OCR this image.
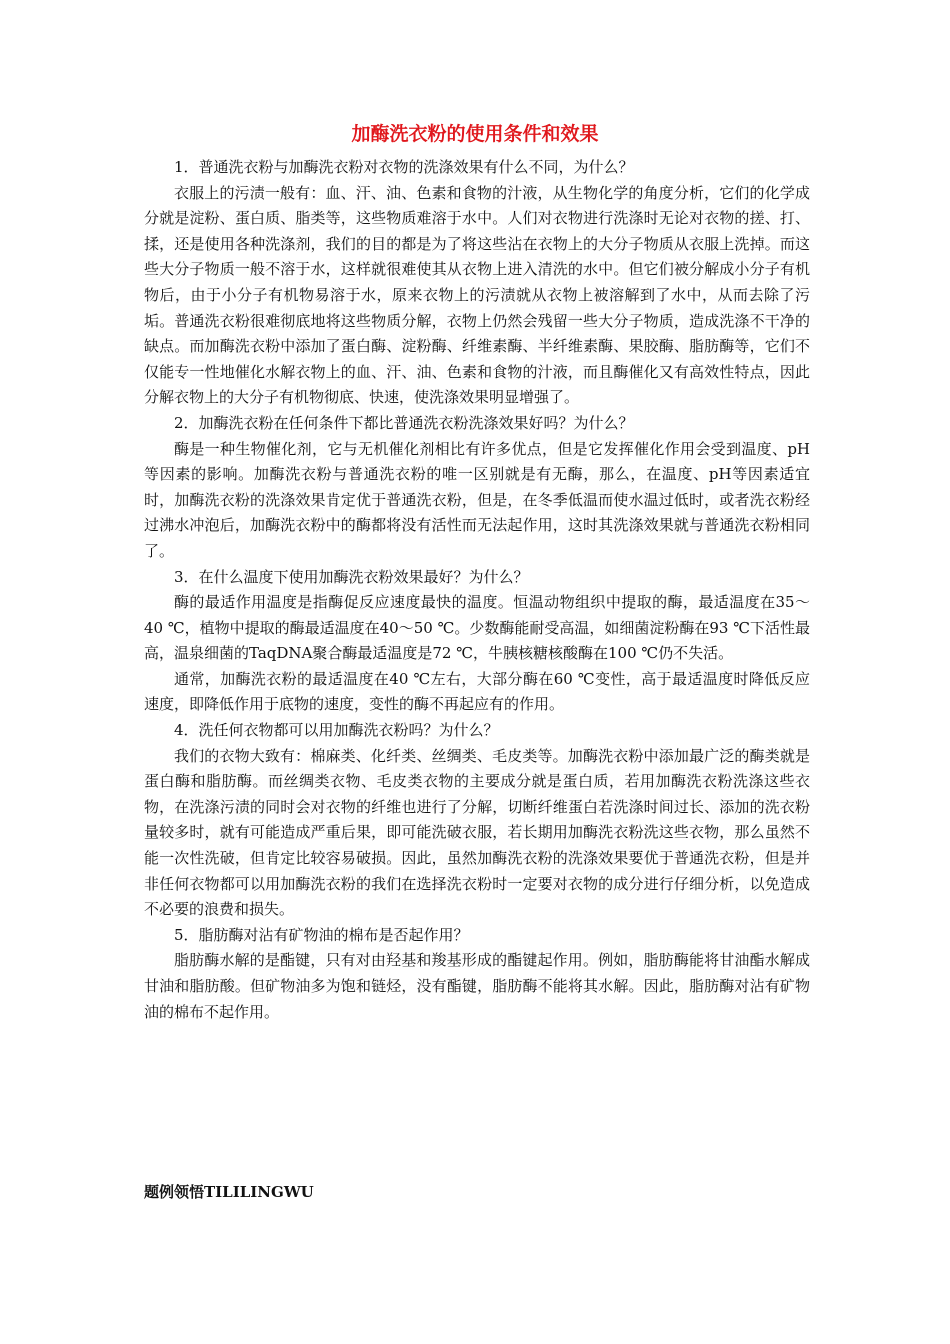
加酶洗衣粉的使用条件和效果

1．普通洗衣粉与加酶洗衣粉对衣物的洗涤效果有什么不同，为什么？

衣服上的污渍一般有：血、汗、油、色素和食物的汁液，从生物化学的角度分析，它们的化学成分就是淀粉、蛋白质、脂类等，这些物质难溶于水中。人们对衣物进行洗涤时无论对衣物的搓、打、揉，还是使用各种洗涤剂，我们的目的都是为了将这些沾在衣物上的大分子物质从衣服上洗掉。而这些大分子物质一般不溶于水，这样就很难使其从衣物上进入清洗的水中。但它们被分解成小分子有机物后，由于小分子有机物易溶于水，原来衣物上的污渍就从衣物上被溶解到了水中，从而去除了污垢。普通洗衣粉很难彻底地将这些物质分解，衣物上仍然会残留一些大分子物质，造成洗涤不干净的缺点。而加酶洗衣粉中添加了蛋白酶、淀粉酶、纤维素酶、半纤维素酶、果胶酶、脂肪酶等，它们不仅能专一性地催化水解衣物上的血、汗、油、色素和食物的汁液，而且酶催化又有高效性特点，因此分解衣物上的大分子有机物彻底、快速，使洗涤效果明显增强了。

2．加酶洗衣粉在任何条件下都比普通洗衣粉洗涤效果好吗？为什么？

酶是一种生物催化剂，它与无机催化剂相比有许多优点，但是它发挥催化作用会受到温度、pH等因素的影响。加酶洗衣粉与普通洗衣粉的唯一区别就是有无酶，那么，在温度、pH等因素适宜时，加酶洗衣粉的洗涤效果肯定优于普通洗衣粉，但是，在冬季低温而使水温过低时，或者洗衣粉经过沸水冲泡后，加酶洗衣粉中的酶都将没有活性而无法起作用，这时其洗涤效果就与普通洗衣粉相同了。

3．在什么温度下使用加酶洗衣粉效果最好？为什么？

酶的最适作用温度是指酶促反应速度最快的温度。恒温动物组织中提取的酶，最适温度在35～40 ℃，植物中提取的酶最适温度在40～50 ℃。少数酶能耐受高温，如细菌淀粉酶在93 ℃下活性最高，温泉细菌的TaqDNA聚合酶最适温度是72 ℃，牛胰核糖核酸酶在100 ℃仍不失活。

通常，加酶洗衣粉的最适温度在40 ℃左右，大部分酶在60 ℃变性，高于最适温度时降低反应速度，即降低作用于底物的速度，变性的酶不再起应有的作用。

4．洗任何衣物都可以用加酶洗衣粉吗？为什么？

我们的衣物大致有：棉麻类、化纤类、丝绸类、毛皮类等。加酶洗衣粉中添加最广泛的酶类就是蛋白酶和脂肪酶。而丝绸类衣物、毛皮类衣物的主要成分就是蛋白质，若用加酶洗衣粉洗涤这些衣物，在洗涤污渍的同时会对衣物的纤维也进行了分解，切断纤维蛋白若洗涤时间过长、添加的洗衣粉量较多时，就有可能造成严重后果，即可能洗破衣服，若长期用加酶洗衣粉洗这些衣物，那么虽然不能一次性洗破，但肯定比较容易破损。因此，虽然加酶洗衣粉的洗涤效果要优于普通洗衣粉，但是并非任何衣物都可以用加酶洗衣粉的我们在选择洗衣粉时一定要对衣物的成分进行仔细分析，以免造成不必要的浪费和损失。

5．脂肪酶对沾有矿物油的棉布是否起作用？

脂肪酶水解的是酯键，只有对由羟基和羧基形成的酯键起作用。例如，脂肪酶能将甘油酯水解成甘油和脂肪酸。但矿物油多为饱和链烃，没有酯键，脂肪酶不能将其水解。因此，脂肪酶对沾有矿物油的棉布不起作用。

题例领悟TILILINGWU
